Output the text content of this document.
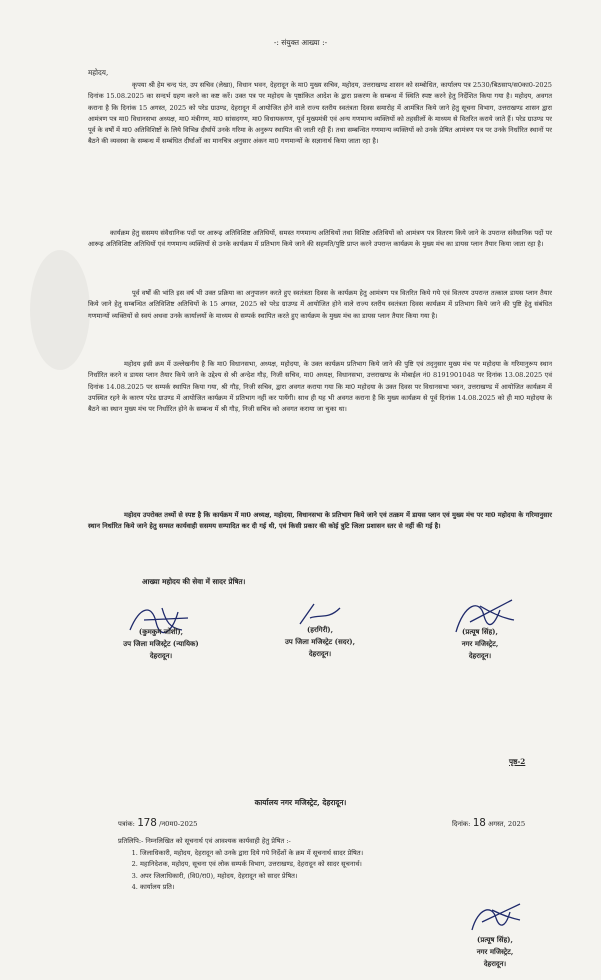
-: संयुक्त आख्या :-

महोदय,

कृपया श्री हेम चन्द पंत, उप सचिव (लेखा), विधान भवन, देहरादून के मा0 मुख्य सचिव, महोदय, उत्तराखण्ड शासन को सम्बोधित, कार्यालय पत्र 2530/बिठसाप/स0का0-2025 दिनांक 15.08.2025 का सन्दर्भ ग्रहण करने का कष्ट करें। उक्त पत्र पर महोदय के पृष्ठांकित आदेश के द्वारा प्रकरण के सम्बन्ध में स्थिति स्पष्ट करने हेतु निर्देशित किया गया है। महोदय, अवगत कराना है कि दिनांक 15 अगस्त, 2025 को परेड ग्राउण्ड, देहरादून में आयोजित होने वाले राज्य स्तरीय स्वतंत्रता दिवस समारोह में आमंत्रित किये जाने हेतु सूचना विभाग, उत्तराखण्ड शासन द्वारा आमंत्रण पत्र मा0 विधानसभा अध्यक्ष, मा0 मंत्रीगण, मा0 सांसदगण, मा0 विधायकगण, पूर्व मुख्यमंत्री एवं अन्य गणमान्य व्यक्तियों को तहसीलों के माध्यम से वितरित कराये जाते हैं। परेड ग्राउण्ड पर पूर्व के वर्षों में मा0 अतिविशिष्टों के लिये विभिन्न दीर्घायें उनके गरिमा के अनुरूप स्थापित की जाती रही हैं। तथा सम्बन्धित गणमान्य व्यक्तियों को उनके प्रेषित आमंत्रण पत्र पर उनके निर्धारित स्थानों पर बैठने की व्यवस्था के सम्बन्ध में सम्बंधित दीर्घाओं का मानचित्र अनुसार अंकन मा0 गणमान्यों के सज्ञानार्थ किया जाता रहा है।

कार्यक्रम हेतु ससमय संवैधानिक पदों पर आरूढ़ अतिविशिष्ट अतिथियों, समस्त गणमान्य अतिथियों तथा विशिष्ट अतिथियों को आमंत्रण पत्र वितरण किये जाने के उपरान्त संवैधानिक पदों पर आरूढ़ अतिविशिष्ट अतिथियों एवं गणमान्य व्यक्तियों से उनके कार्यक्रम में प्रतिभाग किये जाने की सहमति/पुष्टि प्राप्त करने उपरान्त कार्यक्रम के मुख्य मंच का डायस प्लान तैयार किया जाता रहा है।

पूर्व वर्षों की भांति इस वर्ष भी उक्त प्रक्रिया का अनुपालन करते हुए स्वतंत्रता दिवस के कार्यक्रम हेतु आमंत्रण पत्र वितरित किये गये एवं वितरण उपरान्त तत्काल डायस प्लान तैयार किये जाने हेतु सम्बन्धित अतिविशिष्ट अतिथियों के 15 अगस्त, 2025 को परेड ग्राउण्ड में आयोजित होने वाले राज्य स्तरीय स्वतंत्रता दिवस कार्यक्रम में प्रतिभाग किये जाने की पुष्टि हेतु संबंधित गणमान्यों व्यक्तियों से स्वयं अथवा उनके कार्यालयों के माध्यम से सम्पर्क स्थापित करते हुए कार्यक्रम के मुख्य मंच का डायस प्लान तैयार किया गया है।

महोदय इसी क्रम में उल्लेखनीय है कि मा0 विधानसभा, अध्यक्ष, महोदया, के उक्त कार्यक्रम प्रतिभाग किये जाने की पुष्टि एवं तद्नुसार मुख्य मंच पर महोदया के गरिमानुरूप स्थान निर्धारित करने व डायस प्लान तैयार किये जाने के उद्देश्य से श्री अन्देश गौड़, निजी सचिव, मा0 अध्यक्ष, विधानसभा, उत्तराखण्ड के मोबाईल नं0 8191901048 पर दिनांक 13.08.2025 एवं दिनांक 14.08.2025 पर सम्पर्क स्थापित किया गया, श्री गौड़, निजी सचिव, द्वारा अवगत कराया गया कि मा0 महोदया के उक्त दिवस पर विधानसभा भवन, उत्तराखण्ड में आयोजित कार्यक्रम में उपस्थित रहने के कारण परेड ग्राउण्ड में आयोजित कार्यक्रम में प्रतिभाग नहीं कर पायेंगी। साथ ही यह भी अवगत कराना है कि मुख्य कार्यक्रम से पूर्व दिनांक 14.08.2025 को ही मा0 महोदया के बैठने का स्थान मुख्य मंच पर निर्धारित होने के सम्बन्ध में श्री गौड़, निजी सचिव को अवगत कराया जा चुका था।

महोदय उपरोक्त तथ्यों से स्पष्ट है कि कार्यक्रम में मा0 अध्यक्ष, महोदया, विधानसभा के प्रतिभाग किये जाने एवं तत्क्रम में डायस प्लान एवं मुख्य मंच पर मा0 महोदया के गरिमानुसार स्थान निर्धारित किये जाने हेतु समस्त कार्यवाही ससमय सम्पादित कर दी गई थी, एवं किसी प्रकार की कोई त्रुटि जिला प्रशासन स्तर से नहीं की गई है।

आख्या महोदय की सेवा में सादर प्रेषित।

(कुमकुम जोशी),
उप जिला मजिस्ट्रेट (न्यायिक)
देहरादून।
(हरगिरी),
उप जिला मजिस्ट्रेट (सदर),
देहरादून।
(प्रत्यूष सिंह),
नगर मजिस्ट्रेट,
देहरादून।

पृष्ठ-2

कार्यालय नगर मजिस्ट्रेट, देहरादून।

पत्रांक: 178 /न0म0-2025	दिनांक: 18 अगस्त, 2025

प्रतिलिपि:- निम्नलिखित को सूचनार्थ एवं आवश्यक कार्यवाही हेतु प्रेषित :-
1. जिलाधिकारी, महोदय, देहरादून को उनके द्वारा दिये गये निर्देशों के क्रम में सूचनार्थ सादर प्रेषित।
2. महानिदेशक, महोदय, सूचना एवं लोक सम्पर्क विभाग, उत्तराखण्ड, देहरादून को सादर सूचनार्थ।
3. अपर जिलाधिकारी, (वि0/रा0), महोदय, देहरादून को सादर प्रेषित।
4. कार्यालय प्रति।
(प्रत्यूष सिंह),
नगर मजिस्ट्रेट,
देहरादून।
